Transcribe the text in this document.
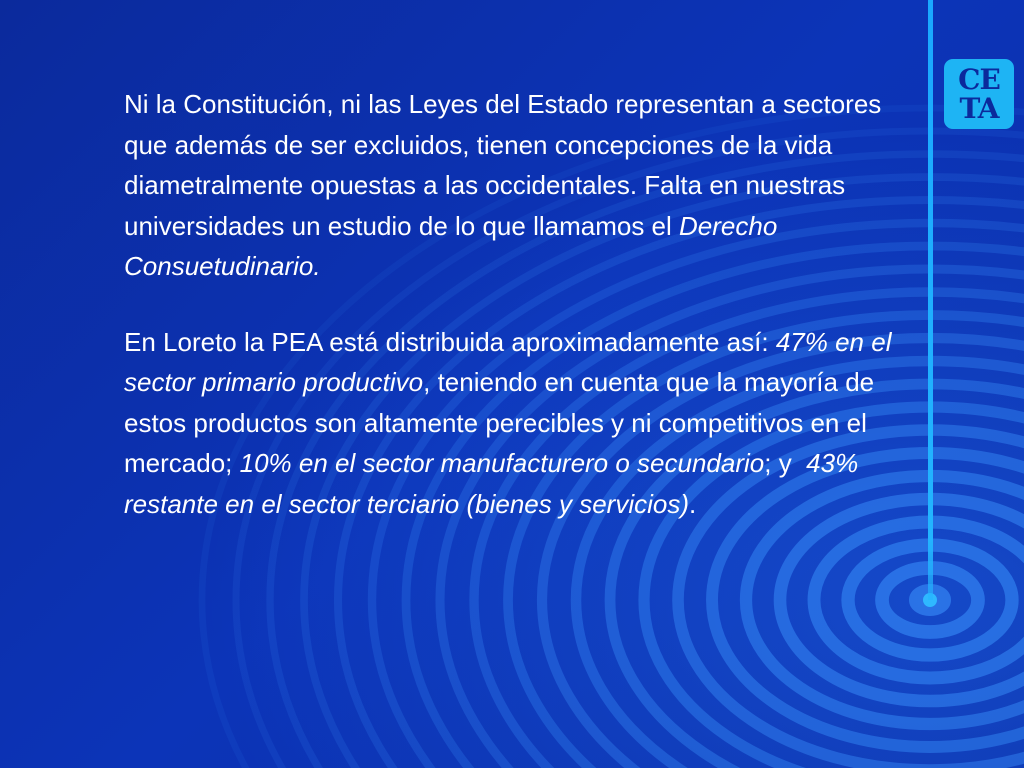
CE
TA

Ni la Constitución, ni las Leyes del Estado representan a sectores que además de ser excluidos, tienen concepciones de la vida diametralmente opuestas a las occidentales. Falta en nuestras universidades un estudio de lo que llamamos el Derecho Consuetudinario.

En Loreto la PEA está distribuida aproximadamente así: 47% en el sector primario productivo, teniendo en cuenta que la mayoría de estos productos son altamente perecibles y ni competitivos en el mercado; 10% en el sector manufacturero o secundario; y  43% restante en el sector terciario (bienes y servicios).
